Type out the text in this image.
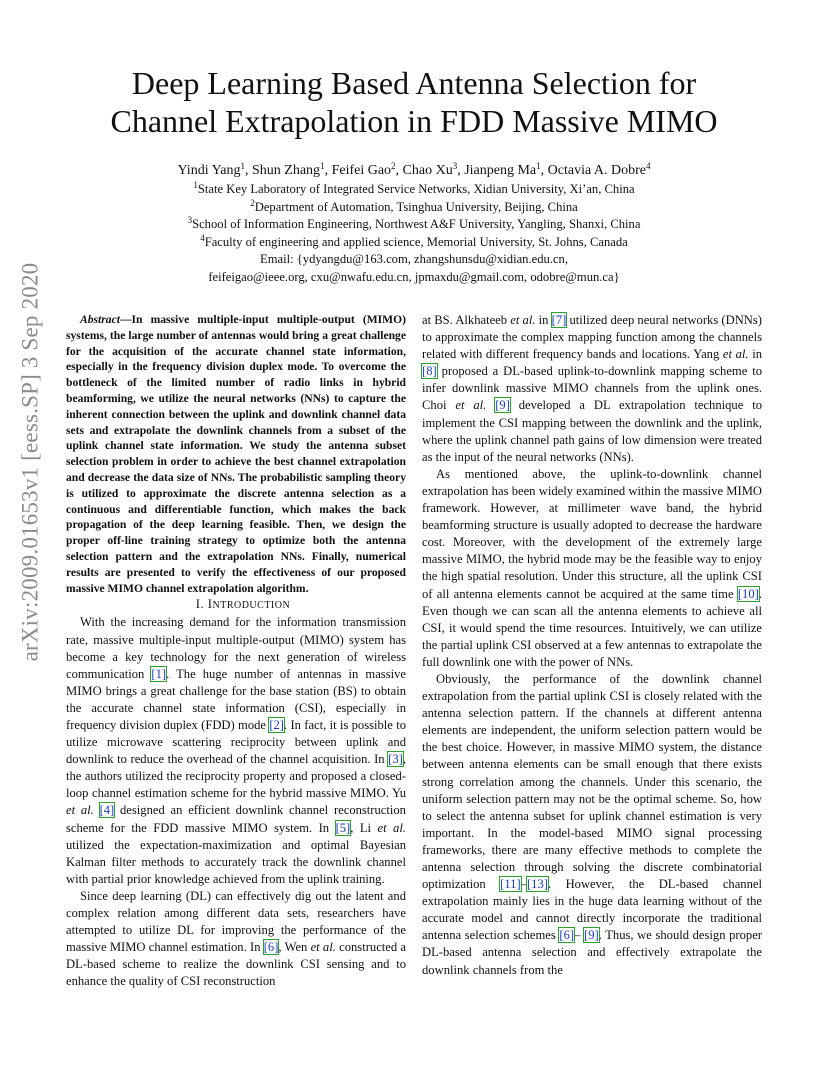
arXiv:2009.01653v1 [eess.SP] 3 Sep 2020
Deep Learning Based Antenna Selection for
Channel Extrapolation in FDD Massive MIMO
Yindi Yang$^1$, Shun Zhang$^1$, Feifei Gao$^2$, Chao Xu$^3$, Jianpeng Ma$^1$, Octavia A. Dobre$^4$
$^1$State Key Laboratory of Integrated Service Networks, Xidian University, Xi’an, China
$^2$Department of Automation, Tsinghua University, Beijing, China
$^3$School of Information Engineering, Northwest A&F University, Yangling, Shanxi, China
$^4$Faculty of engineering and applied science, Memorial University, St. Johns, Canada
Email: {ydyangdu@163.com, zhangshunsdu@xidian.edu.cn,
feifeigao@ieee.org, cxu@nwafu.edu.cn, jpmaxdu@gmail.com, odobre@mun.ca}

Abstract—In massive multiple-input multiple-output (MIMO) systems, the large number of antennas would bring a great challenge for the acquisition of the accurate channel state information, especially in the frequency division duplex mode. To overcome the bottleneck of the limited number of radio links in hybrid beamforming, we utilize the neural networks (NNs) to capture the inherent connection between the uplink and downlink channel data sets and extrapolate the downlink channels from a subset of the uplink channel state information. We study the antenna subset selection problem in order to achieve the best channel extrapolation and decrease the data size of NNs. The probabilistic sampling theory is utilized to approximate the discrete antenna selection as a continuous and differentiable function, which makes the back propagation of the deep learning feasible. Then, we design the proper off-line training strategy to optimize both the antenna selection pattern and the extrapolation NNs. Finally, numerical results are presented to verify the effectiveness of our proposed massive MIMO channel extrapolation algorithm.

I. INTRODUCTION

With the increasing demand for the information transmission rate, massive multiple-input multiple-output (MIMO) system has become a key technology for the next generation of wireless communication [1]. The huge number of antennas in massive MIMO brings a great challenge for the base station (BS) to obtain the accurate channel state information (CSI), especially in frequency division duplex (FDD) mode [2]. In fact, it is possible to utilize microwave scattering reciprocity between uplink and downlink to reduce the overhead of the channel acquisition. In [3], the authors utilized the reciprocity property and proposed a closed-loop channel estimation scheme for the hybrid massive MIMO. Yu et al. [4] designed an efficient downlink channel reconstruction scheme for the FDD massive MIMO system. In [5], Li et al. utilized the expectation-maximization and optimal Bayesian Kalman filter methods to accurately track the downlink channel with partial prior knowledge achieved from the uplink training.

Since deep learning (DL) can effectively dig out the latent and complex relation among different data sets, researchers have attempted to utilize DL for improving the performance of the massive MIMO channel estimation. In [6], Wen et al. constructed a DL-based scheme to realize the downlink CSI sensing and to enhance the quality of CSI reconstruction

at BS. Alkhateeb et al. in [7] utilized deep neural networks (DNNs) to approximate the complex mapping function among the channels related with different frequency bands and locations. Yang et al. in [8] proposed a DL-based uplink-to-downlink mapping scheme to infer downlink massive MIMO channels from the uplink ones. Choi et al. [9] developed a DL extrapolation technique to implement the CSI mapping between the downlink and the uplink, where the uplink channel path gains of low dimension were treated as the input of the neural networks (NNs).

As mentioned above, the uplink-to-downlink channel extrapolation has been widely examined within the massive MIMO framework. However, at millimeter wave band, the hybrid beamforming structure is usually adopted to decrease the hardware cost. Moreover, with the development of the extremely large massive MIMO, the hybrid mode may be the feasible way to enjoy the high spatial resolution. Under this structure, all the uplink CSI of all antenna elements cannot be acquired at the same time [10]. Even though we can scan all the antenna elements to achieve all CSI, it would spend the time resources. Intuitively, we can utilize the partial uplink CSI observed at a few antennas to extrapolate the full downlink one with the power of NNs.

Obviously, the performance of the downlink channel extrapolation from the partial uplink CSI is closely related with the antenna selection pattern. If the channels at different antenna elements are independent, the uniform selection pattern would be the best choice. However, in massive MIMO system, the distance between antenna elements can be small enough that there exists strong correlation among the channels. Under this scenario, the uniform selection pattern may not be the optimal scheme. So, how to select the antenna subset for uplink channel estimation is very important. In the model-based MIMO signal processing frameworks, there are many effective methods to complete the antenna selection through solving the discrete combinatorial optimization [11]–[13]. However, the DL-based channel extrapolation mainly lies in the huge data learning without of the accurate model and cannot directly incorporate the traditional antenna selection schemes [6]– [9]. Thus, we should design proper DL-based antenna selection and effectively extrapolate the downlink channels from the
